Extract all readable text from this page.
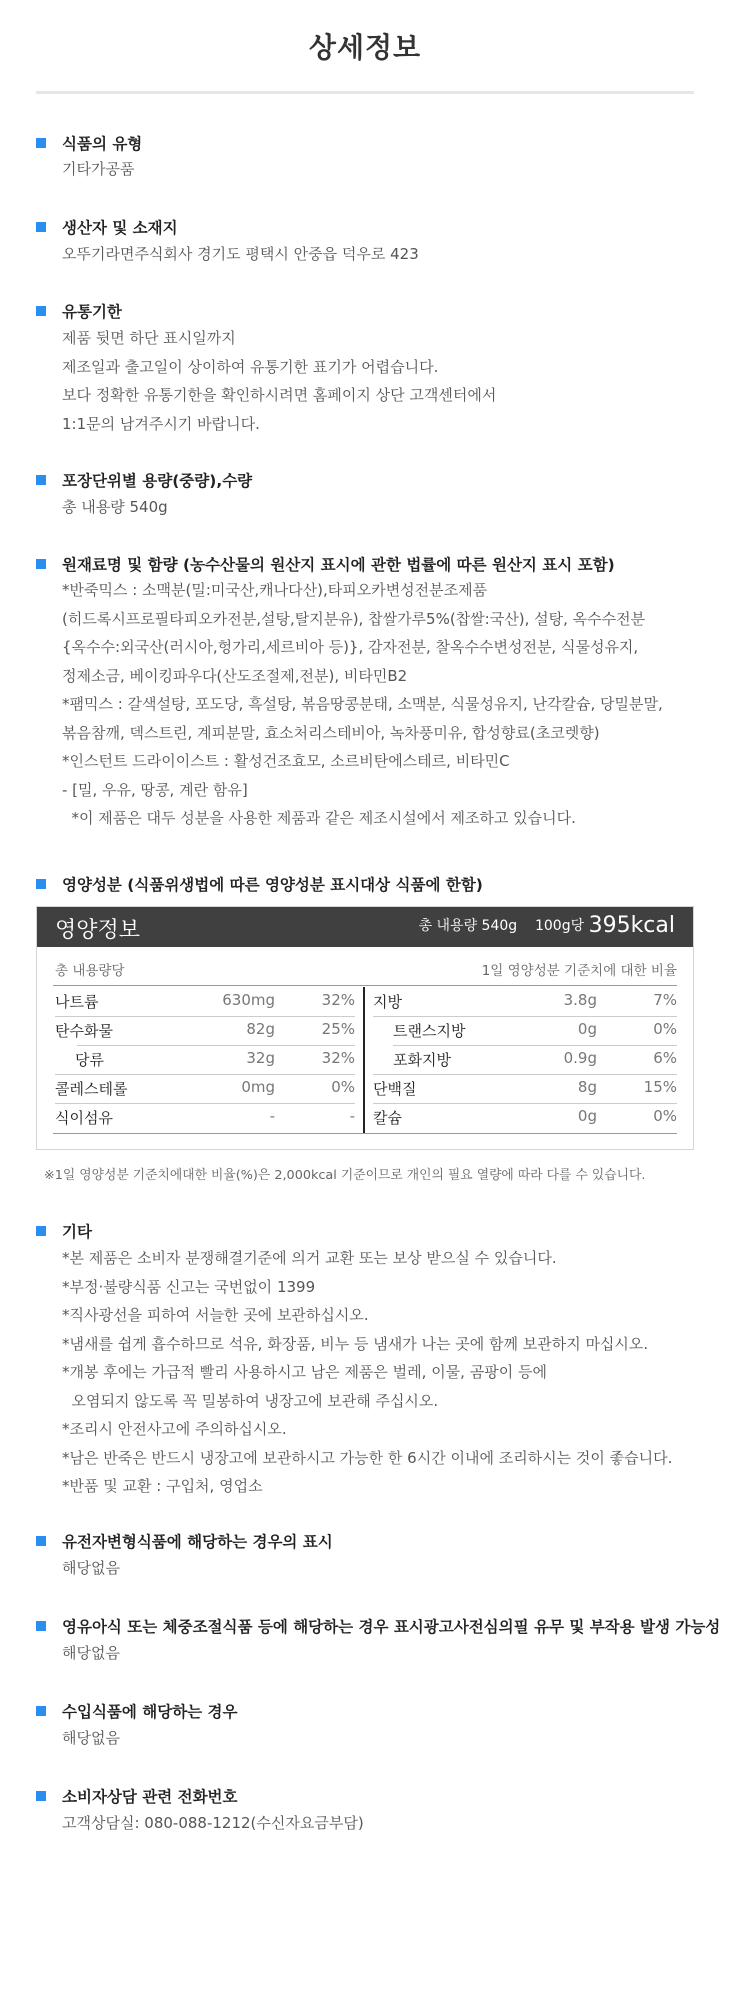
상세정보
식품의 유형
기타가공품
생산자 및 소재지
오뚜기라면주식회사 경기도 평택시 안중읍 덕우로 423
유통기한
제품 뒷면 하단 표시일까지
제조일과 출고일이 상이하여 유통기한 표기가 어렵습니다.
보다 정확한 유통기한을 확인하시려면 홈페이지 상단 고객센터에서
1:1문의 남겨주시기 바랍니다.
포장단위별 용량(중량),수량
총 내용량 540g
원재료명 및 함량 (농수산물의 원산지 표시에 관한 법률에 따른 원산지 표시 포함)
*반죽믹스 : 소맥분(밀:미국산,캐나다산),타피오카변성전분조제품
(히드록시프로필타피오카전분,설탕,탈지분유), 찹쌀가루5%(찹쌀:국산), 설탕, 옥수수전분
{옥수수:외국산(러시아,헝가리,세르비아 등)}, 감자전분, 찰옥수수변성전분, 식물성유지,
정제소금, 베이킹파우다(산도조절제,전분), 비타민B2
*팸믹스 : 갈색설탕, 포도당, 흑설탕, 볶음땅콩분태, 소맥분, 식물성유지, 난각칼슘, 당밀분말,
볶음참깨, 덱스트린, 계피분말, 효소처리스테비아, 녹차풍미유, 합성향료(초코렛향)
*인스턴트 드라이이스트 : 활성건조효모, 소르비탄에스테르, 비타민C
- [밀, 우유, 땅콩, 계란 함유]
*이 제품은 대두 성분을 사용한 제품과 같은 제조시설에서 제조하고 있습니다.
영양성분 (식품위생법에 따른 영양성분 표시대상 식품에 한함)
영양정보	총 내용량 540g 100g당 395kcal
총 내용량당	1일 영양성분 기준치에 대한 비율
나트륨	630mg	32%
탄수화물	82g	25%
당류	32g	32%
콜레스테롤	0mg	0%
식이섬유	-	-
지방	3.8g	7%
트랜스지방	0g	0%
포화지방	0.9g	6%
단백질	8g	15%
칼슘	0g	0%
※1일 영양성분 기준치에대한 비율(%)은 2,000kcal 기준이므로 개인의 필요 열량에 따라 다를 수 있습니다.
기타
*본 제품은 소비자 분쟁해결기준에 의거 교환 또는 보상 받으실 수 있습니다.
*부정·불량식품 신고는 국번없이 1399
*직사광선을 피하여 서늘한 곳에 보관하십시오.
*냄새를 쉽게 흡수하므로 석유, 화장품, 비누 등 냄새가 나는 곳에 함께 보관하지 마십시오.
*개봉 후에는 가급적 빨리 사용하시고 남은 제품은 벌레, 이물, 곰팡이 등에
오염되지 않도록 꼭 밀봉하여 냉장고에 보관해 주십시오.
*조리시 안전사고에 주의하십시오.
*남은 반죽은 반드시 냉장고에 보관하시고 가능한 한 6시간 이내에 조리하시는 것이 좋습니다.
*반품 및 교환 : 구입처, 영업소
유전자변형식품에 해당하는 경우의 표시
해당없음
영유아식 또는 체중조절식품 등에 해당하는 경우 표시광고사전심의필 유무 및 부작용 발생 가능성
해당없음
수입식품에 해당하는 경우
해당없음
소비자상담 관련 전화번호
고객상담실: 080-088-1212(수신자요금부담)
